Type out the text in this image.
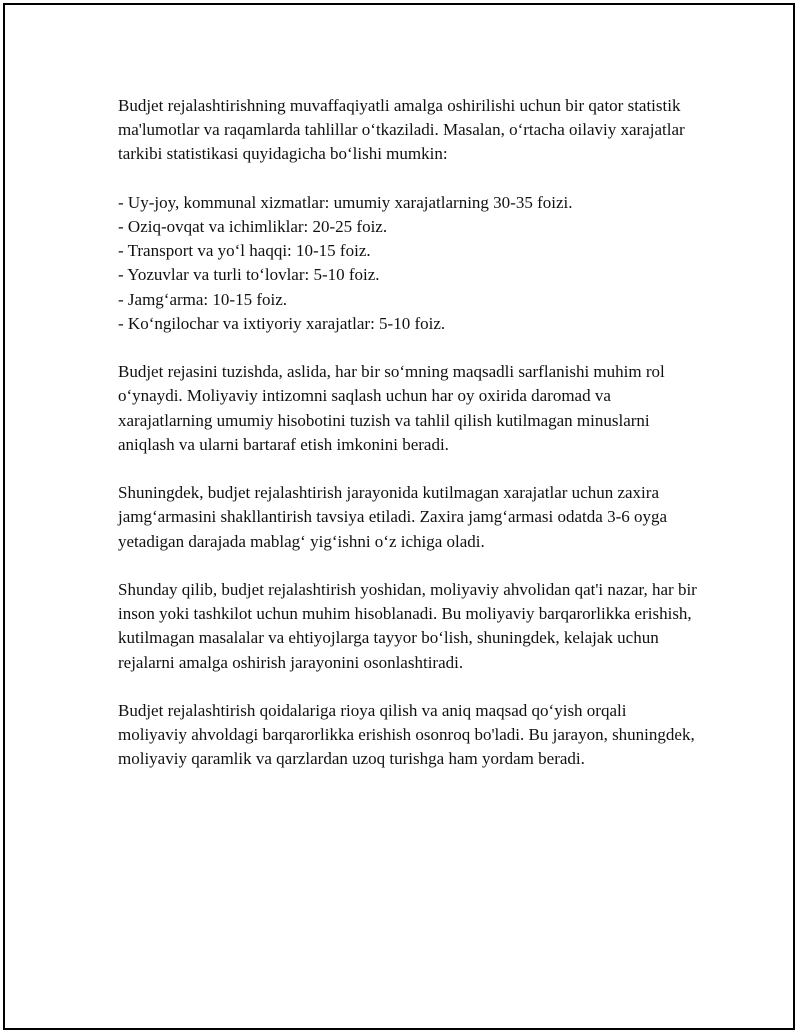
Budjet rejalashtirishning muvaffaqiyatli amalga oshirilishi uchun bir qator statistik ma'lumotlar va raqamlarda tahlillar o‘tkaziladi. Masalan, o‘rtacha oilaviy xarajatlar tarkibi statistikasi quyidagicha bo‘lishi mumkin:

- Uy-joy, kommunal xizmatlar: umumiy xarajatlarning 30-35 foizi.
- Oziq-ovqat va ichimliklar: 20-25 foiz.
- Transport va yo‘l haqqi: 10-15 foiz.
- Yozuvlar va turli to‘lovlar: 5-10 foiz.
- Jamg‘arma: 10-15 foiz.
- Ko‘ngilochar va ixtiyoriy xarajatlar: 5-10 foiz.

Budjet rejasini tuzishda, aslida, har bir so‘mning maqsadli sarflanishi muhim rol o‘ynaydi. Moliyaviy intizomni saqlash uchun har oy oxirida daromad va xarajatlarning umumiy hisobotini tuzish va tahlil qilish kutilmagan minuslarni aniqlash va ularni bartaraf etish imkonini beradi.

Shuningdek, budjet rejalashtirish jarayonida kutilmagan xarajatlar uchun zaxira jamg‘armasini shakllantirish tavsiya etiladi. Zaxira jamg‘armasi odatda 3-6 oyga yetadigan darajada mablag‘ yig‘ishni o‘z ichiga oladi.

Shunday qilib, budjet rejalashtirish yoshidan, moliyaviy ahvolidan qat'i nazar, har bir inson yoki tashkilot uchun muhim hisoblanadi. Bu moliyaviy barqarorlikka erishish, kutilmagan masalalar va ehtiyojlarga tayyor bo‘lish, shuningdek, kelajak uchun rejalarni amalga oshirish jarayonini osonlashtiradi.

Budjet rejalashtirish qoidalariga rioya qilish va aniq maqsad qo‘yish orqali moliyaviy ahvoldagi barqarorlikka erishish osonroq bo'ladi. Bu jarayon, shuningdek, moliyaviy qaramlik va qarzlardan uzoq turishga ham yordam beradi.
